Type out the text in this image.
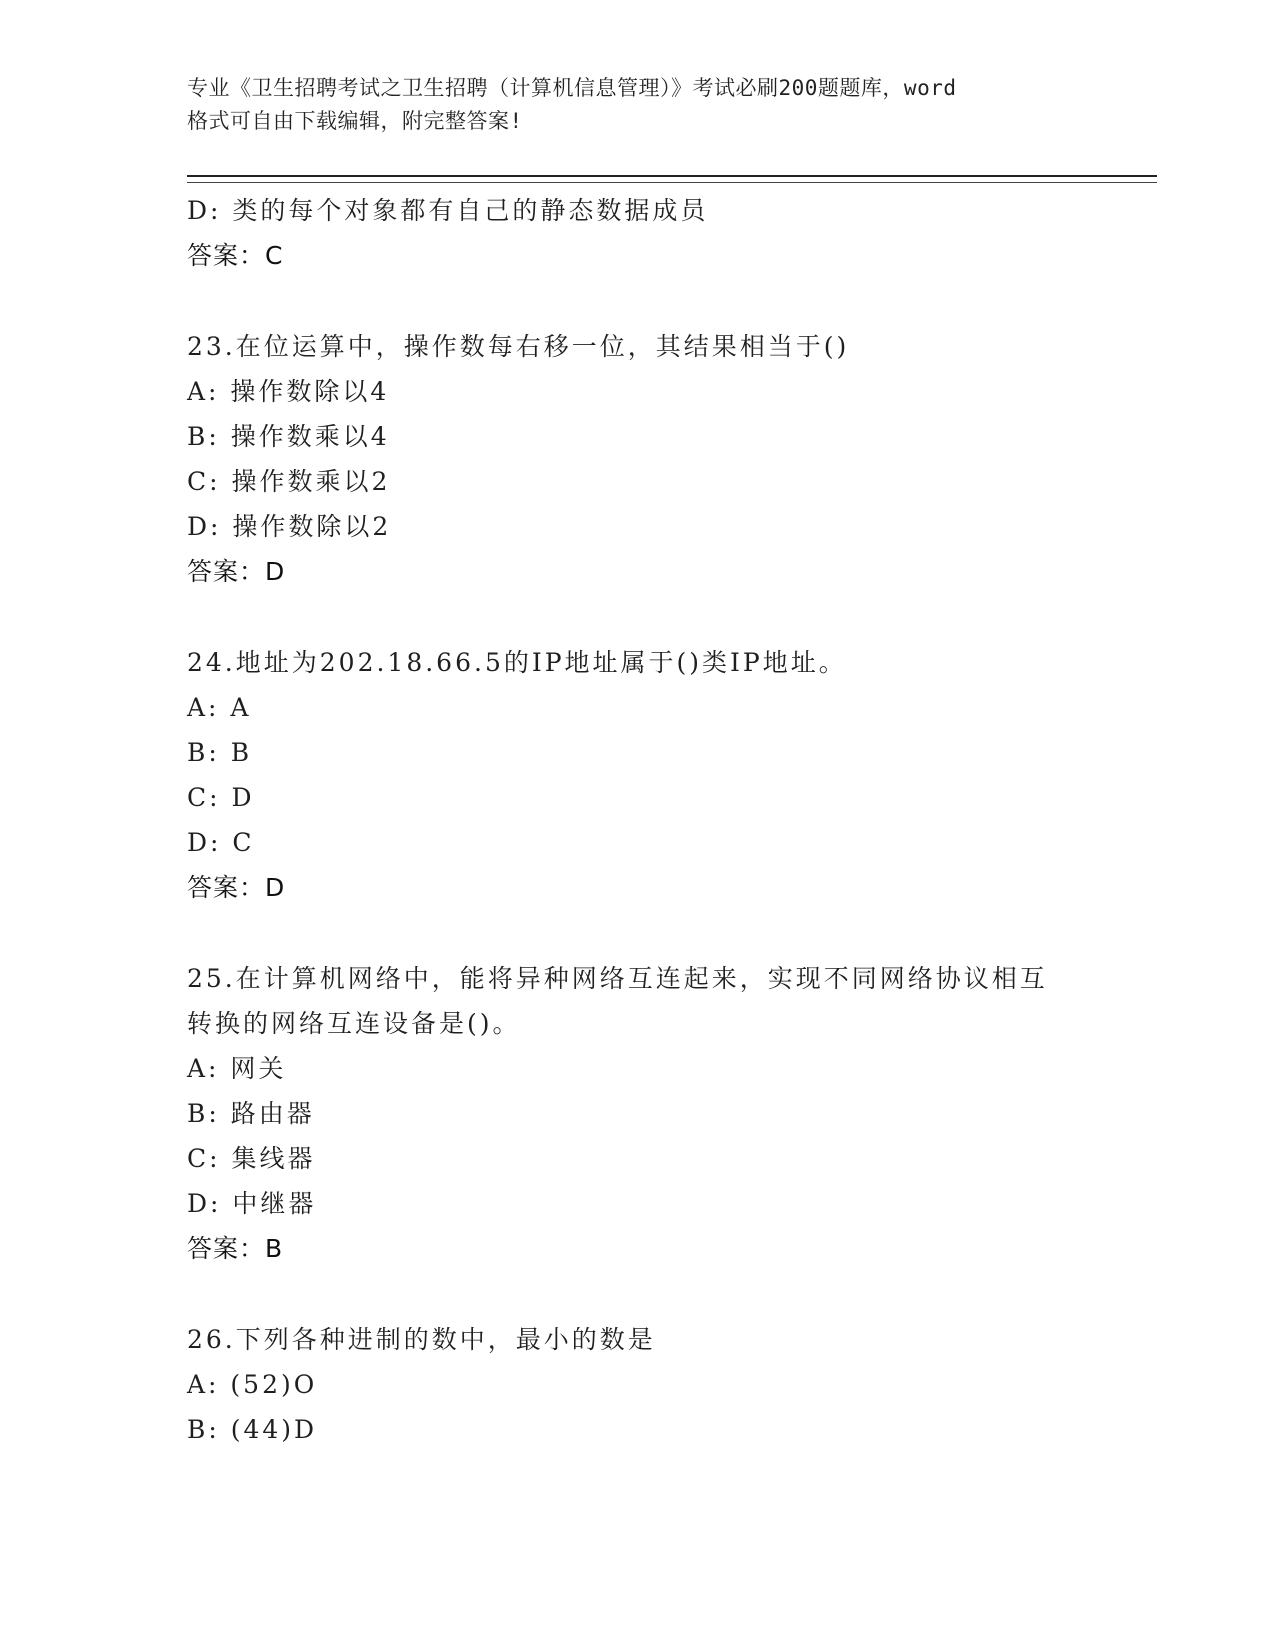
专业《卫生招聘考试之卫生招聘（计算机信息管理）》考试必刷200题题库，word
格式可自由下载编辑，附完整答案!
D: 类的每个对象都有自己的静态数据成员
答案：C
23.在位运算中，操作数每右移一位，其结果相当于()
A: 操作数除以4
B: 操作数乘以4
C: 操作数乘以2
D: 操作数除以2
答案：D
24.地址为202.18.66.5的IP地址属于()类IP地址。
A: A
B: B
C: D
D: C
答案：D
25.在计算机网络中，能将异种网络互连起来，实现不同网络协议相互
转换的网络互连设备是()。
A: 网关
B: 路由器
C: 集线器
D: 中继器
答案：B
26.下列各种进制的数中，最小的数是
A: (52)O
B: (44)D
